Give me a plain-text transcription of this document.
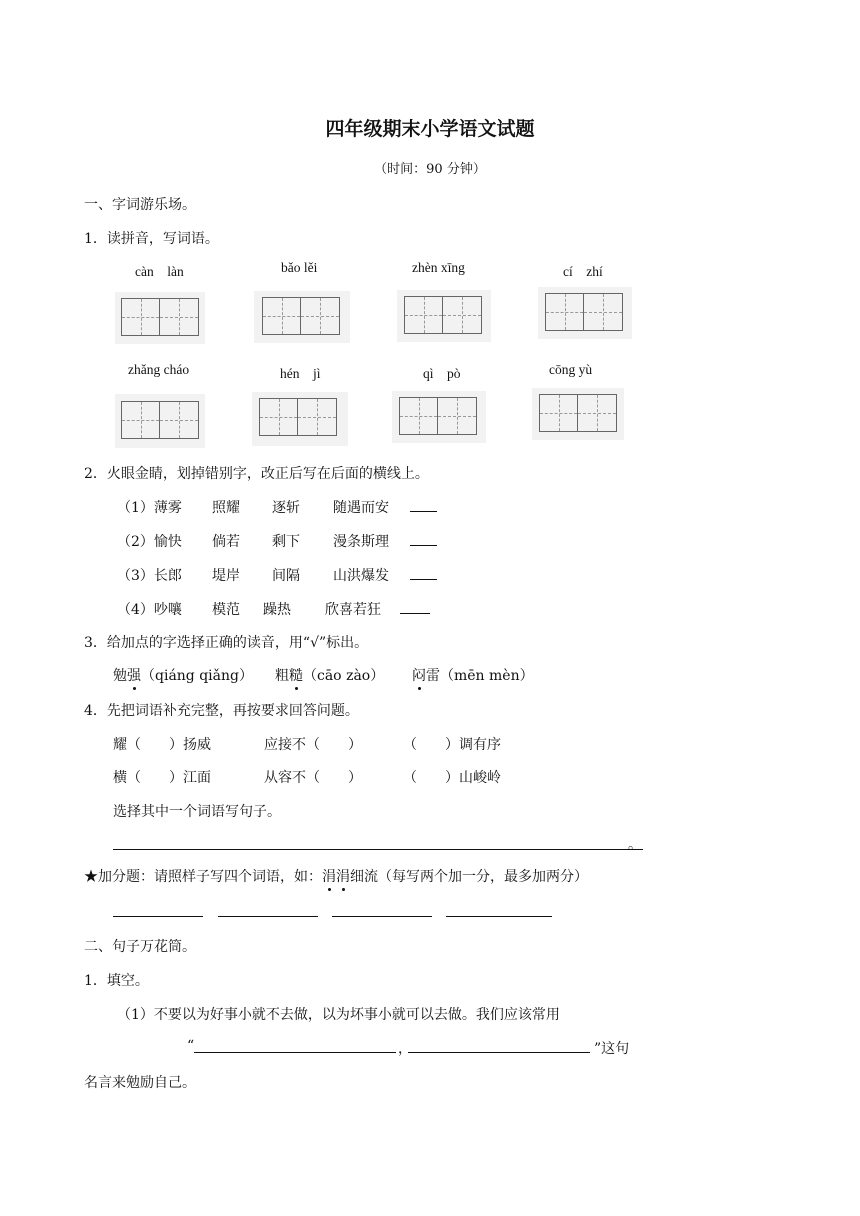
四年级期末小学语文试题
（时间：90 分钟）
一、字词游乐场。
1．读拼音，写词语。
càn　làn	bǎo lěi	zhèn xīng	cí　zhí
zhǎng cháo	hén　jì	qì　pò	cōng yù
2．火眼金睛，划掉错别字，改正后写在后面的横线上。
（1）薄雾 照耀 逐斩 随遇而安
（2）愉快 倘若 剩下 漫条斯理
（3）长郎 堤岸 间隔 山洪爆发
（4）吵嚷 模范 躁热 欣喜若狂
3．给加点的字选择正确的读音，用“√”标出。
勉强（qiáng qiǎng） 粗糙（cāo zào） 闷雷（mēn mèn）
4．先把词语补充完整，再按要求回答问题。
耀（　　）扬威	应接不（　　）	（　　）调有序
横（　　）江面	从容不（　　）	（　　）山峻岭
选择其中一个词语写句子。
。
★加分题：请照样子写四个词语，如：涓涓细流（每写两个加一分，最多加两分）
二、句子万花筒。
1．填空。
（1）不要以为好事小就不去做，以为坏事小就可以去做。我们应该常用
“	，	”这句
名言来勉励自己。
